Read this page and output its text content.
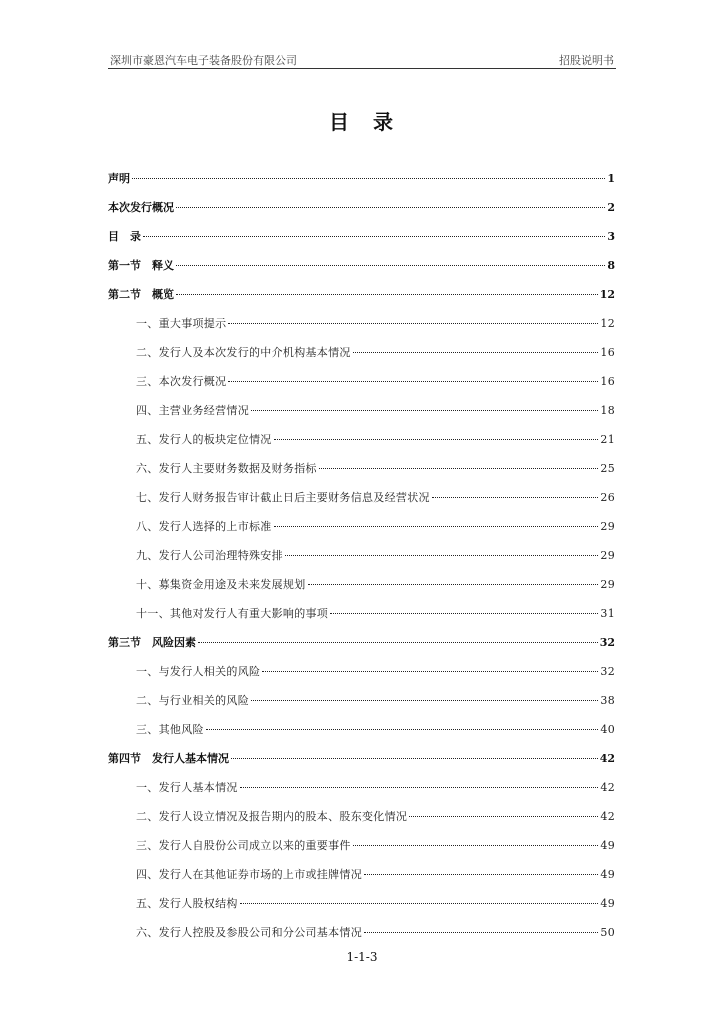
深圳市豪恩汽车电子装备股份有限公司	招股说明书
目　录
声明	1
本次发行概况	2
目　录	3
第一节　释义	8
第二节　概览	12
一、重大事项提示	12
二、发行人及本次发行的中介机构基本情况	16
三、本次发行概况	16
四、主营业务经营情况	18
五、发行人的板块定位情况	21
六、发行人主要财务数据及财务指标	25
七、发行人财务报告审计截止日后主要财务信息及经营状况	26
八、发行人选择的上市标准	29
九、发行人公司治理特殊安排	29
十、募集资金用途及未来发展规划	29
十一、其他对发行人有重大影响的事项	31
第三节　风险因素	32
一、与发行人相关的风险	32
二、与行业相关的风险	38
三、其他风险	40
第四节　发行人基本情况	42
一、发行人基本情况	42
二、发行人设立情况及报告期内的股本、股东变化情况	42
三、发行人自股份公司成立以来的重要事件	49
四、发行人在其他证券市场的上市或挂牌情况	49
五、发行人股权结构	49
六、发行人控股及参股公司和分公司基本情况	50
1-1-3
